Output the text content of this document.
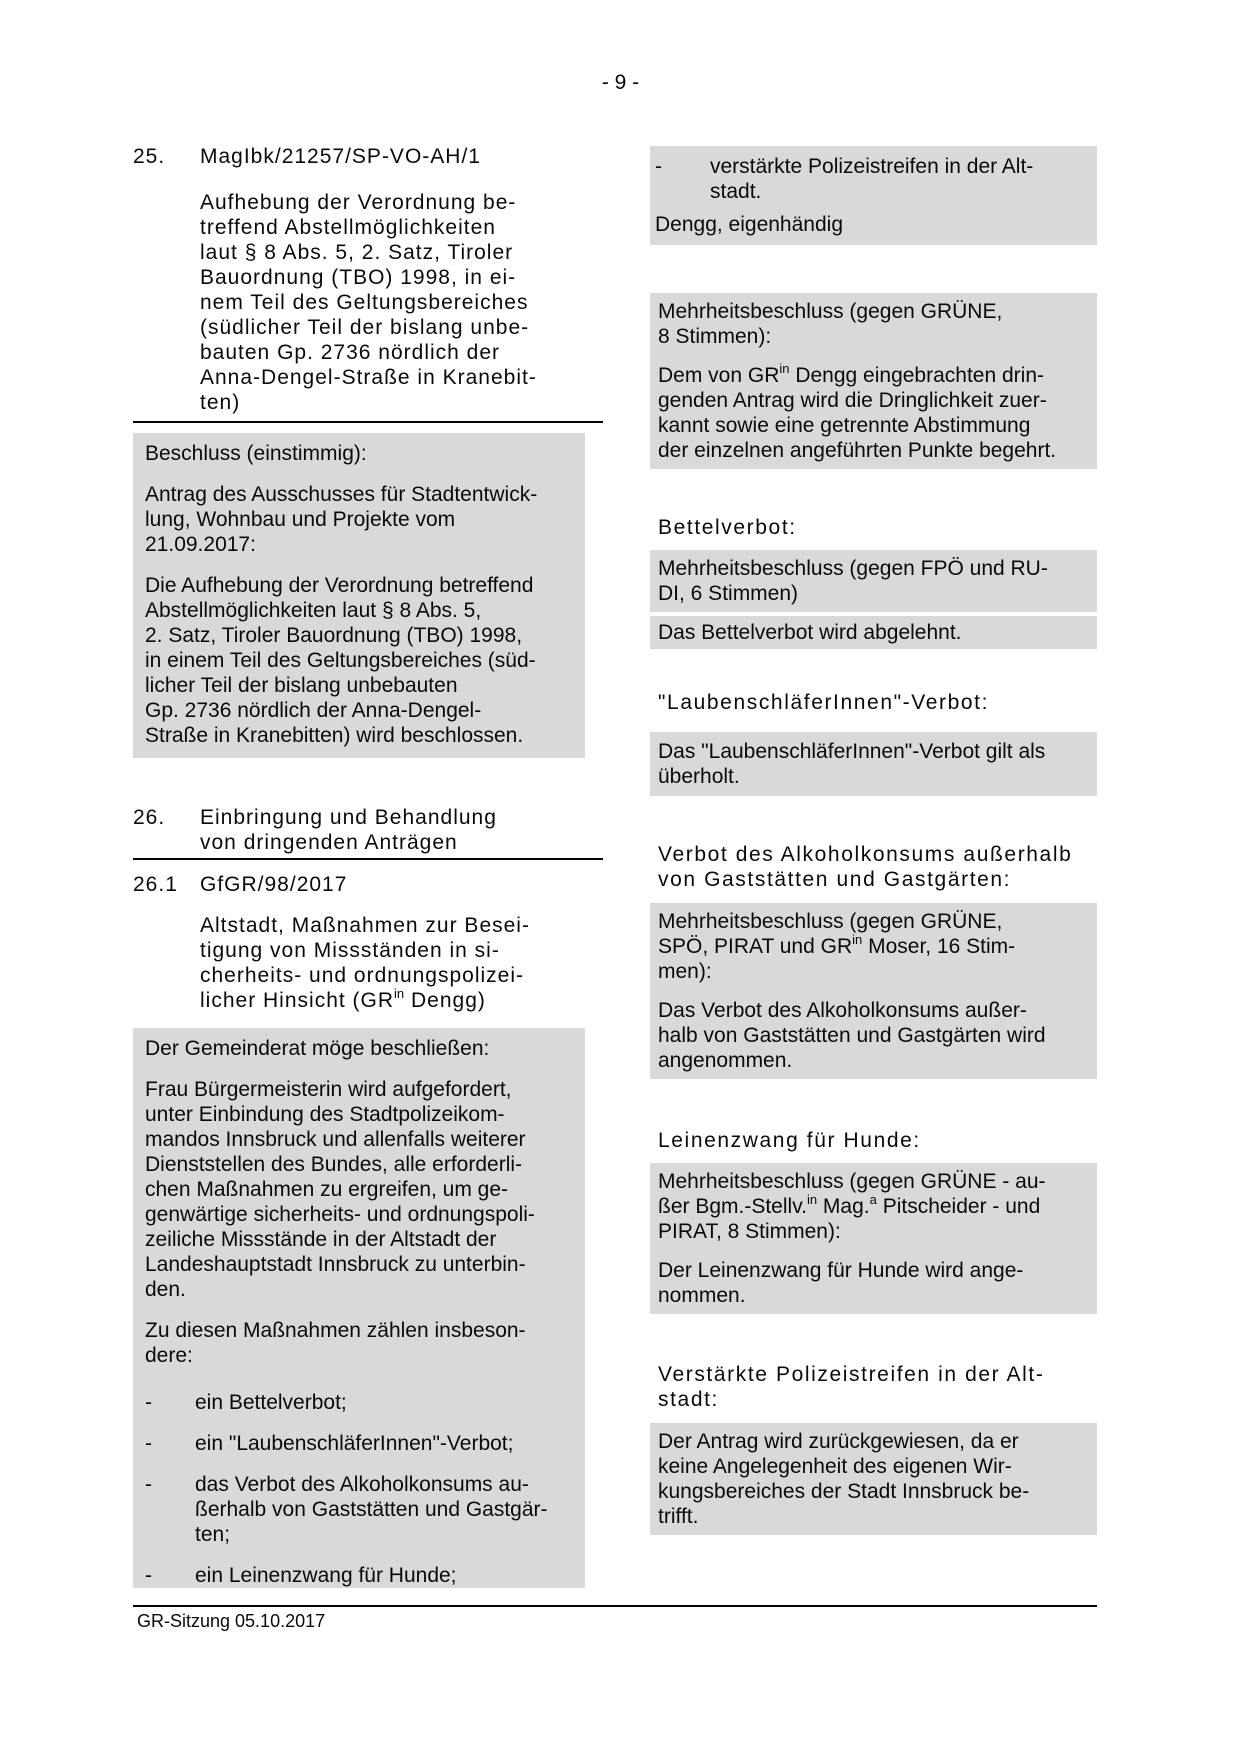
- 9 -
25.	MagIbk/21257/SP-VO-AH/1
Aufhebung der Verordnung be-
treffend Abstellmöglichkeiten
laut § 8 Abs. 5, 2. Satz, Tiroler
Bauordnung (TBO) 1998, in ei-
nem Teil des Geltungsbereiches
(südlicher Teil der bislang unbe-
bauten Gp. 2736 nördlich der
Anna-Dengel-Straße in Kranebit-
ten)
Beschluss (einstimmig):
Antrag des Ausschusses für Stadtentwick-
lung, Wohnbau und Projekte vom
21.09.2017:
Die Aufhebung der Verordnung betreffend
Abstellmöglichkeiten laut § 8 Abs. 5,
2. Satz, Tiroler Bauordnung (TBO) 1998,
in einem Teil des Geltungsbereiches (süd-
licher Teil der bislang unbebauten
Gp. 2736 nördlich der Anna-Dengel-
Straße in Kranebitten) wird beschlossen.
26.	Einbringung und Behandlung
von dringenden Anträgen
26.1	GfGR/98/2017
Altstadt, Maßnahmen zur Besei-
tigung von Missständen in si-
cherheits- und ordnungspolizei-
licher Hinsicht ($GR^{in}$ Dengg)
Der Gemeinderat möge beschließen:
Frau Bürgermeisterin wird aufgefordert,
unter Einbindung des Stadtpolizeikom-
mandos Innsbruck und allenfalls weiterer
Dienststellen des Bundes, alle erforderli-
chen Maßnahmen zu ergreifen, um ge-
genwärtige sicherheits- und ordnungspoli-
zeiliche Missstände in der Altstadt der
Landeshauptstadt Innsbruck zu unterbin-
den.
Zu diesen Maßnahmen zählen insbeson-
dere:
-	ein Bettelverbot;
-	ein "LaubenschläferInnen"-Verbot;
-	das Verbot des Alkoholkonsums au-
ßerhalb von Gaststätten und Gastgär-
ten;
-	ein Leinenzwang für Hunde;
-	verstärkte Polizeistreifen in der Alt-
stadt.
Dengg, eigenhändig
Mehrheitsbeschluss (gegen GRÜNE,
8 Stimmen):
Dem von $GR^{in}$ Dengg eingebrachten drin-
genden Antrag wird die Dringlichkeit zuer-
kannt sowie eine getrennte Abstimmung
der einzelnen angeführten Punkte begehrt.
Bettelverbot:
Mehrheitsbeschluss (gegen FPÖ und RU-
DI, 6 Stimmen)
Das Bettelverbot wird abgelehnt.
"LaubenschläferInnen"-Verbot:
Das "LaubenschläferInnen"-Verbot gilt als
überholt.
Verbot des Alkoholkonsums außerhalb
von Gaststätten und Gastgärten:
Mehrheitsbeschluss (gegen GRÜNE,
SPÖ, PIRAT und $GR^{in}$ Moser, 16 Stim-
men):
Das Verbot des Alkoholkonsums außer-
halb von Gaststätten und Gastgärten wird
angenommen.
Leinenzwang für Hunde:
Mehrheitsbeschluss (gegen GRÜNE - au-
ßer Bgm.-Stellv.$^{in}$ Mag.$^a$ Pitscheider - und
PIRAT, 8 Stimmen):
Der Leinenzwang für Hunde wird ange-
nommen.
Verstärkte Polizeistreifen in der Alt-
stadt:
Der Antrag wird zurückgewiesen, da er
keine Angelegenheit des eigenen Wir-
kungsbereiches der Stadt Innsbruck be-
trifft.
GR-Sitzung 05.10.2017
